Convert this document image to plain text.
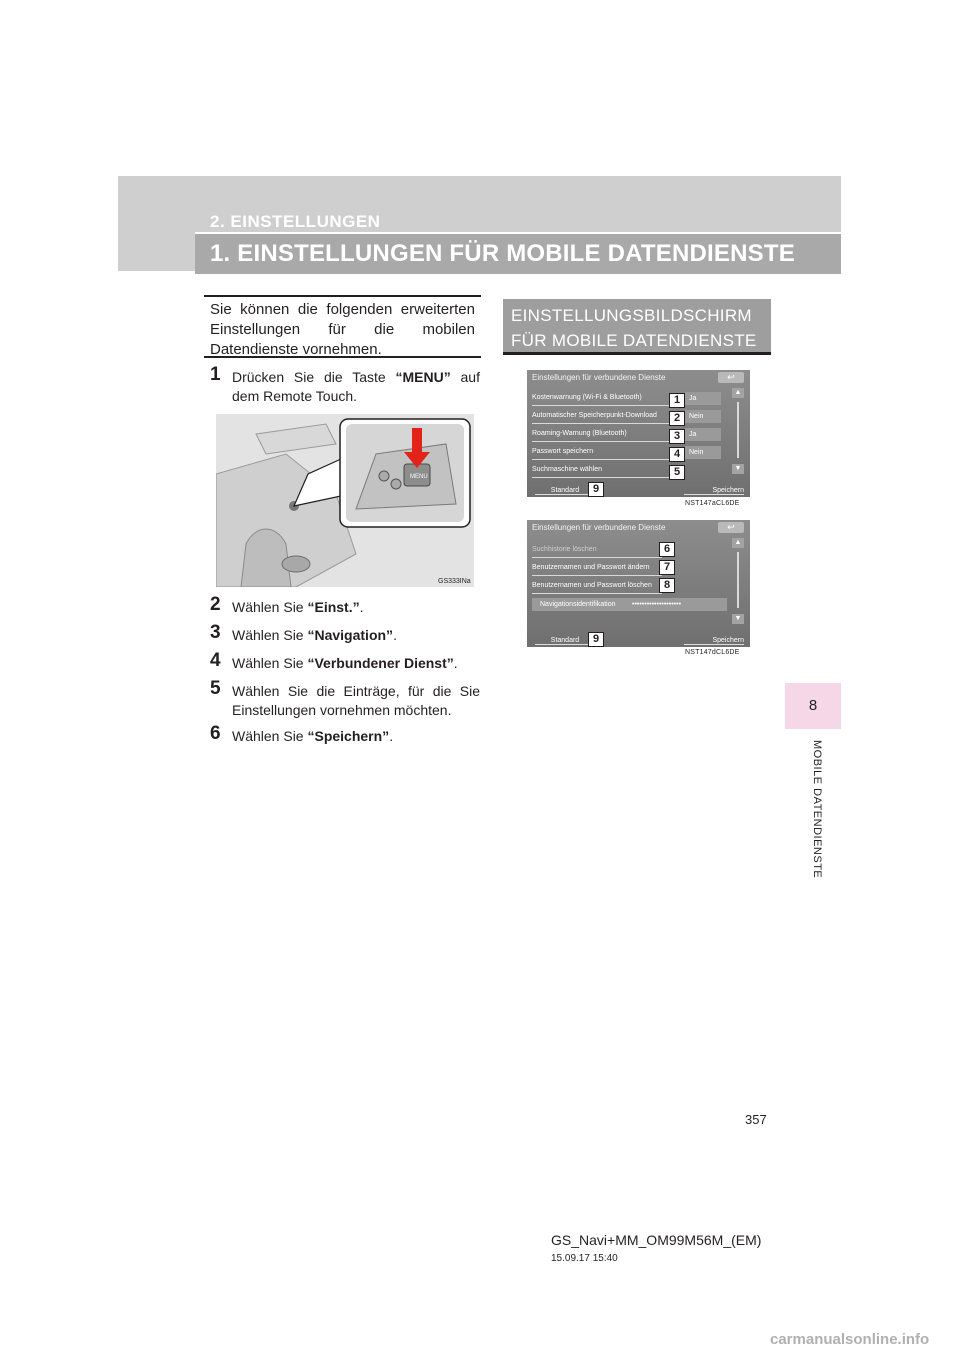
2. EINSTELLUNGEN
1. EINSTELLUNGEN FÜR MOBILE DATENDIENSTE
8
MOBILE DATENDIENSTE
Sie können die folgenden erweiterten Einstellungen für die mobilen Datendienste vornehmen.
1 Drücken Sie die Taste “MENU” auf dem Remote Touch.
2 Wählen Sie “Einst.”.
3 Wählen Sie “Navigation”.
4 Wählen Sie “Verbundener Dienst”.
5 Wählen Sie die Einträge, für die Sie Einstellungen vornehmen möchten.
6 Wählen Sie “Speichern”.
MENU
GS333INa
EINSTELLUNGSBILDSCHIRM FÜR MOBILE DATENDIENSTE
Einstellungen für verbundene Dienste	↩
Kostenwarnung (Wi-Fi & Bluetooth)	Ja
Automatischer Speicherpunkt-Download	Nein
Roaming-Warnung (Bluetooth)	Ja
Passwort speichern	Nein
Suchmaschine wählen
▲
▼
Standard	Speichern
1
2
3
4
5
9
NST147aCL6DE
Einstellungen für verbundene Dienste	↩
Suchhistorie löschen
Benutzernamen und Passwort ändern
Benutzernamen und Passwort löschen
Navigationsidentifikation ••••••••••••••••••••
▲
▼
Standard	Speichern
6
7
8
9
NST147dCL6DE
357
GS_Navi+MM_OM99M56M_(EM)
15.09.17 15:40
carmanualsonline.info
